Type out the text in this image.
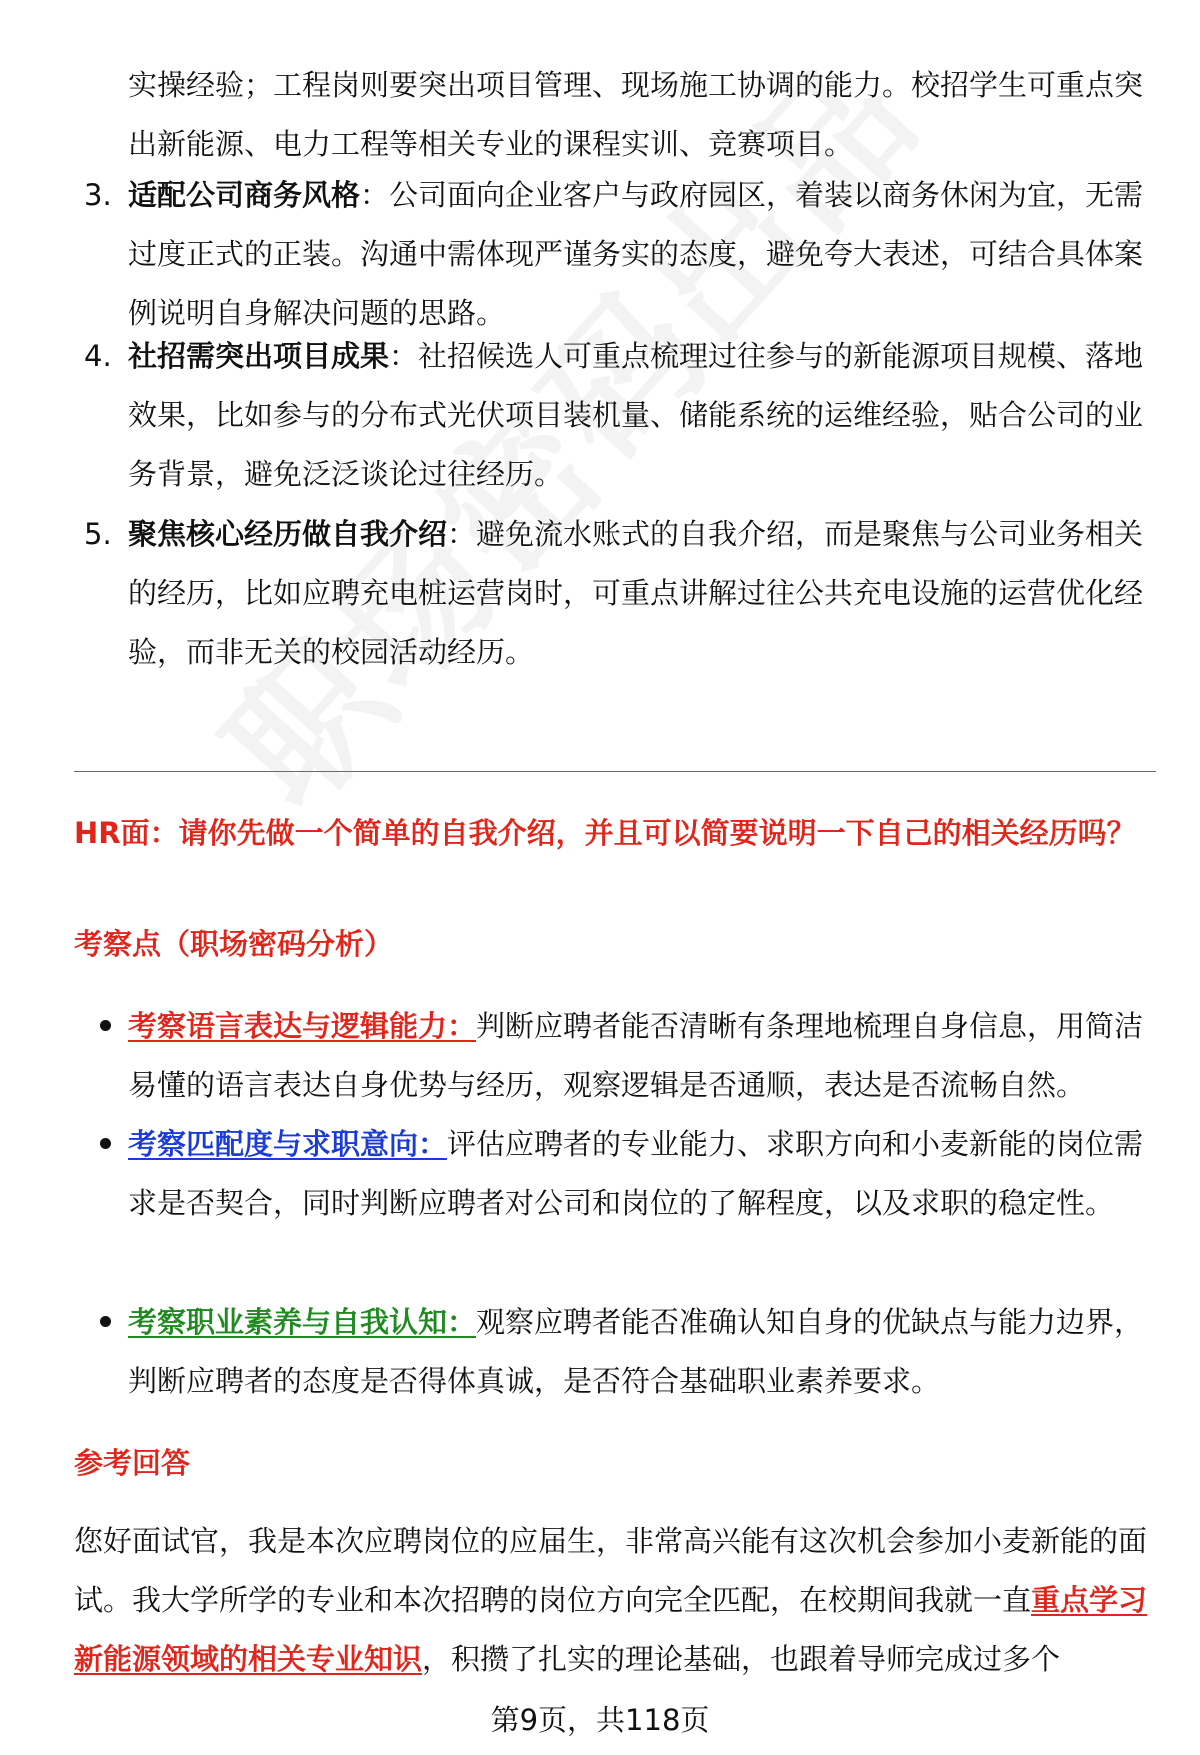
实操经验；工程岗则要突出项目管理、现场施工协调的能力。校招学生可重点突出新能源、电力工程等相关专业的课程实训、竞赛项目。

3. 适配公司商务风格：公司面向企业客户与政府园区，着装以商务休闲为宜，无需过度正式的正装。沟通中需体现严谨务实的态度，避免夸大表述，可结合具体案例说明自身解决问题的思路。
4. 社招需突出项目成果：社招候选人可重点梳理过往参与的新能源项目规模、落地效果，比如参与的分布式光伏项目装机量、储能系统的运维经验，贴合公司的业务背景，避免泛泛谈论过往经历。
5. 聚焦核心经历做自我介绍：避免流水账式的自我介绍，而是聚焦与公司业务相关的经历，比如应聘充电桩运营岗时，可重点讲解过往公共充电设施的运营优化经验，而非无关的校园活动经历。
HR面：请你先做一个简单的自我介绍，并且可以简要说明一下自己的相关经历吗？
考察点（职场密码分析）
考察语言表达与逻辑能力：判断应聘者能否清晰有条理地梳理自身信息，用简洁易懂的语言表达自身优势与经历，观察逻辑是否通顺，表达是否流畅自然。
考察匹配度与求职意向：评估应聘者的专业能力、求职方向和小麦新能的岗位需求是否契合，同时判断应聘者对公司和岗位的了解程度，以及求职的稳定性。
考察职业素养与自我认知：观察应聘者能否准确认知自身的优缺点与能力边界，判断应聘者的态度是否得体真诚，是否符合基础职业素养要求。
参考回答

您好面试官，我是本次应聘岗位的应届生，非常高兴能有这次机会参加小麦新能的面试。我大学所学的专业和本次招聘的岗位方向完全匹配，在校期间我就一直重点学习新能源领域的相关专业知识，积攒了扎实的理论基础，也跟着导师完成过多个

第9页，共118页
